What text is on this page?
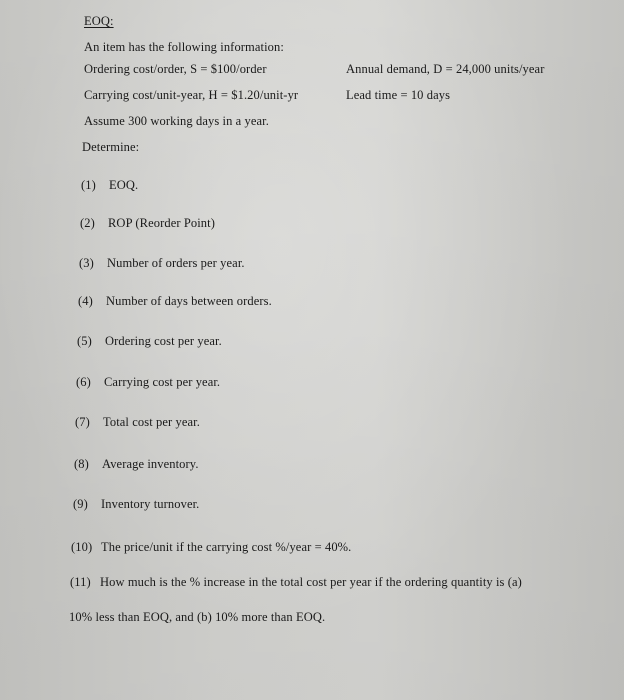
EOQ:
An item has the following information:
Ordering cost/order, S = $100/order	Annual demand, D = 24,000 units/year
Carrying cost/unit-year, H = $1.20/unit-yr	Lead time = 10 days
Assume 300 working days in a year.
Determine:
(1) EOQ.
(2) ROP (Reorder Point)
(3) Number of orders per year.
(4) Number of days between orders.
(5) Ordering cost per year.
(6) Carrying cost per year.
(7) Total cost per year.
(8) Average inventory.
(9) Inventory turnover.
(10) The price/unit if the carrying cost %/year = 40%.
(11) How much is the % increase in the total cost per year if the ordering quantity is (a)
10% less than EOQ, and (b) 10% more than EOQ.
